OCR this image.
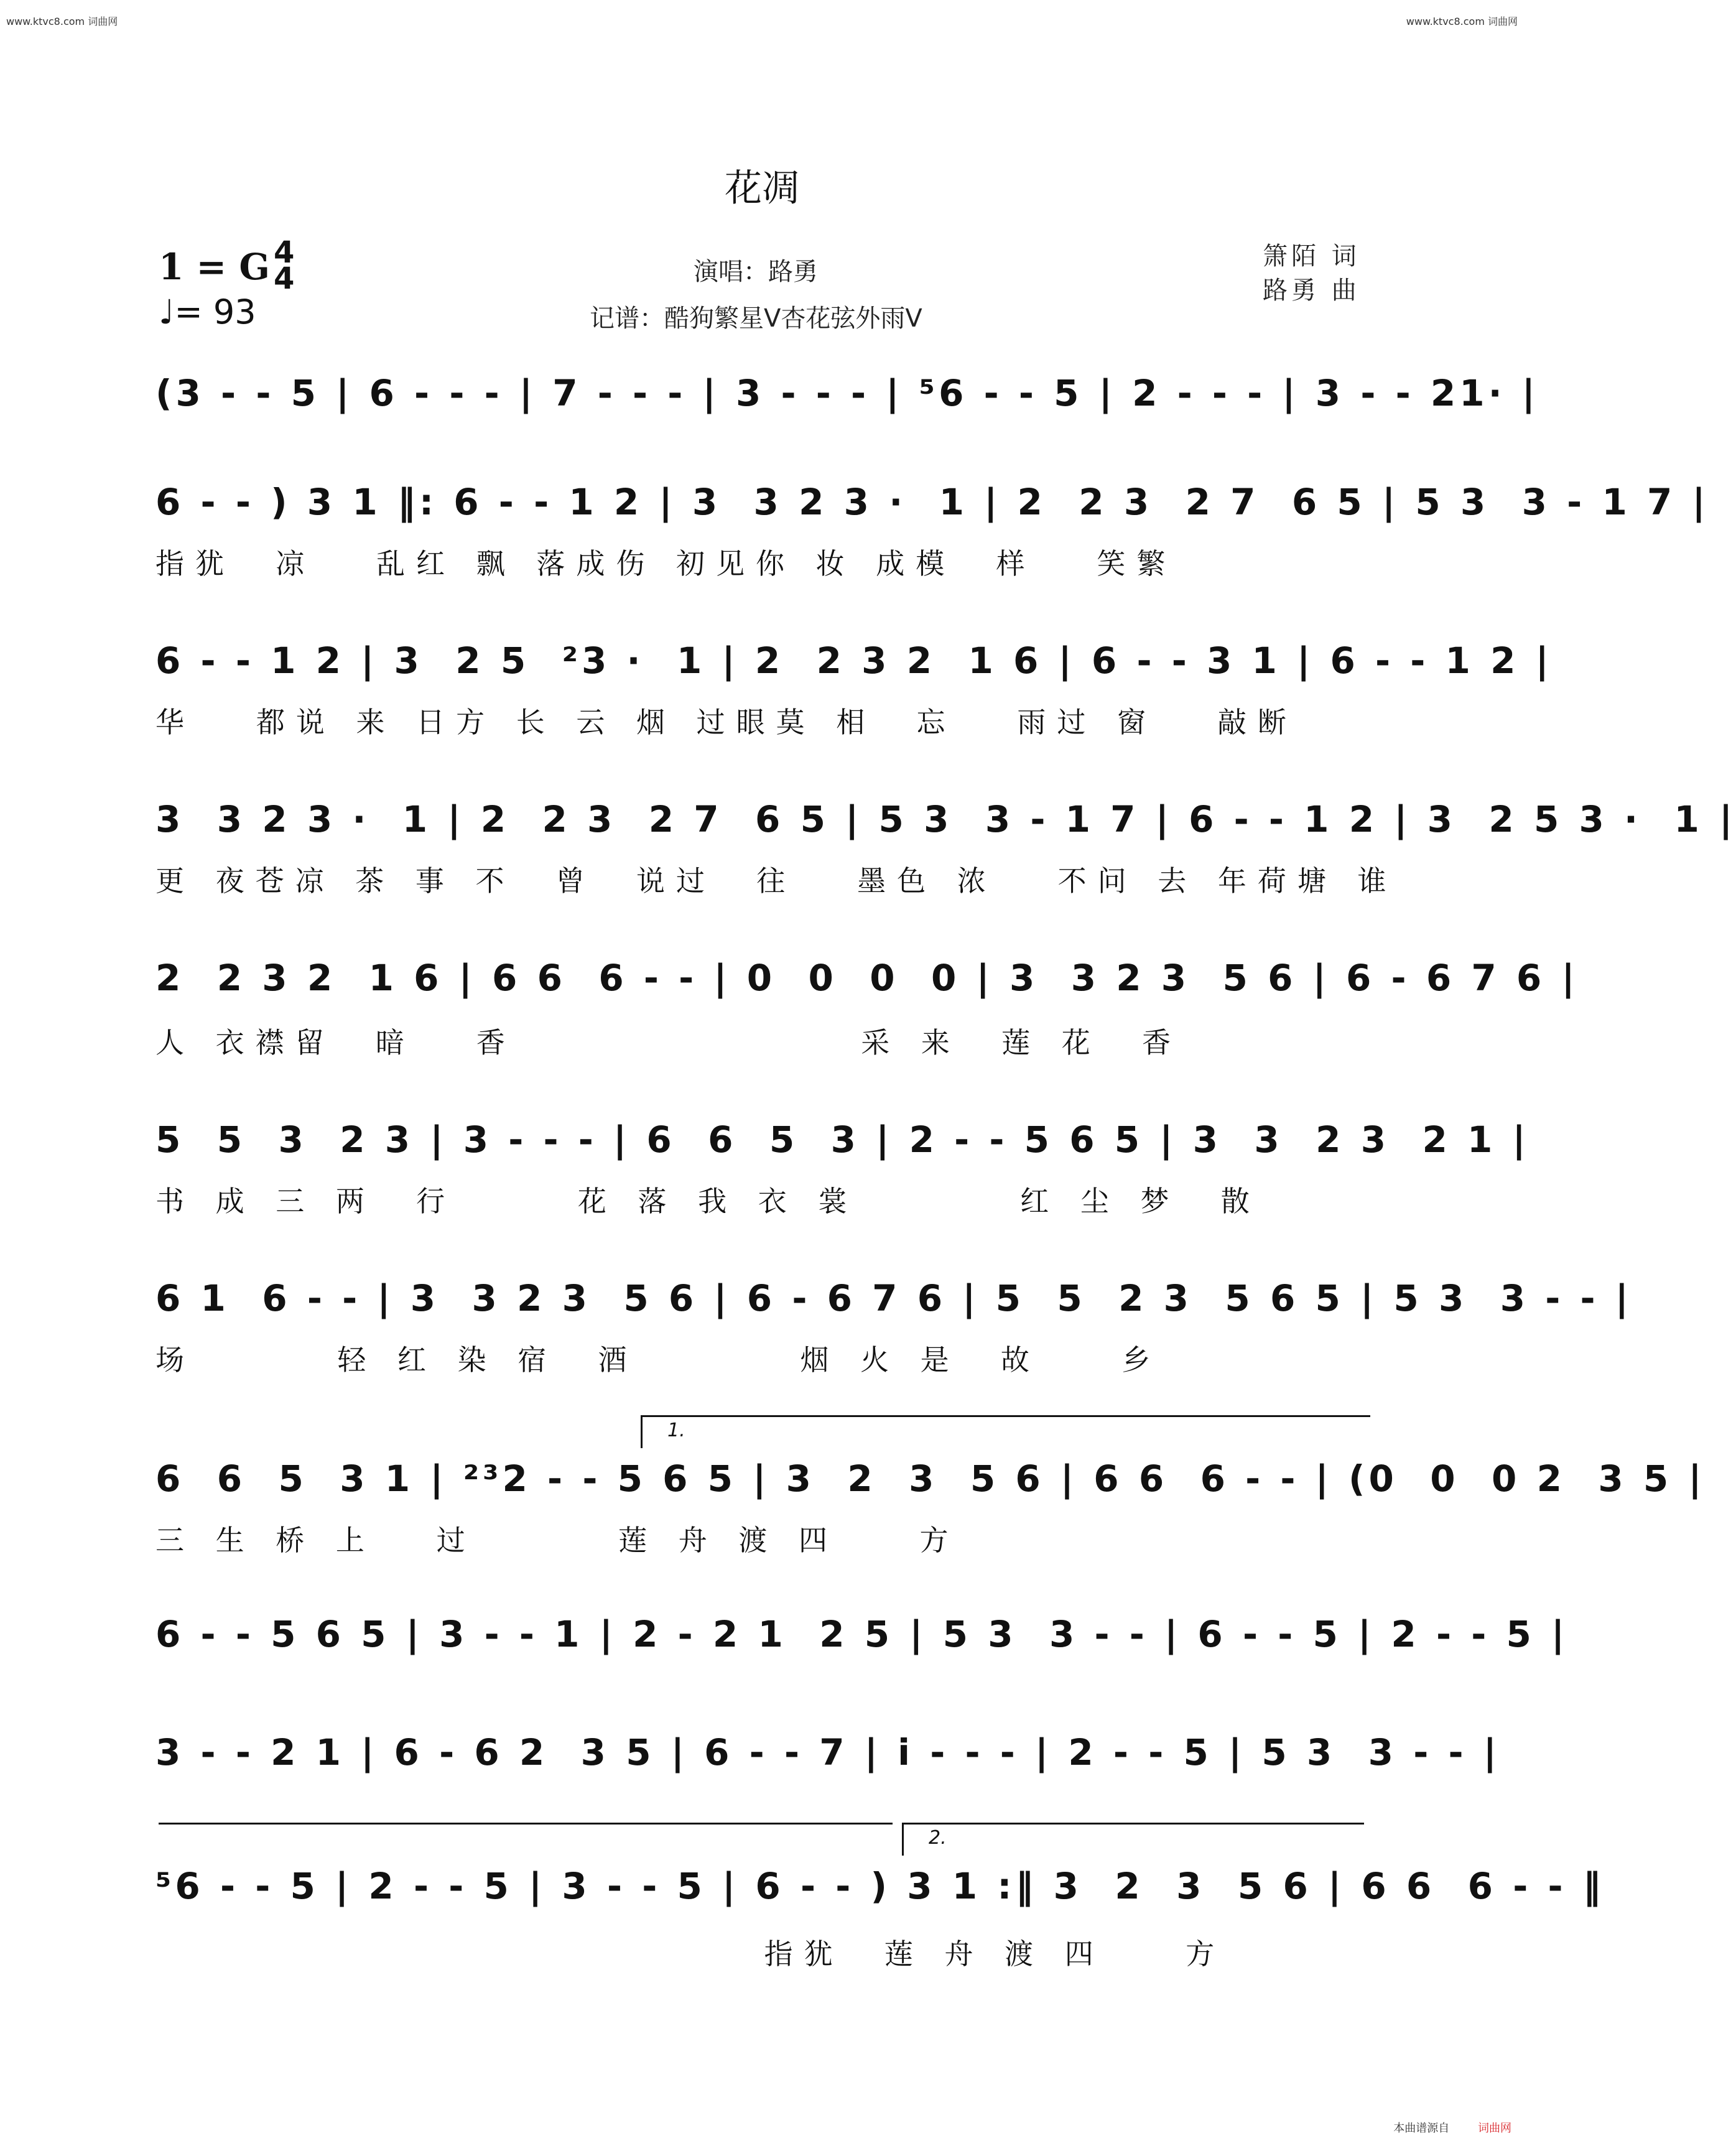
www.ktvc8.com 词曲网	www.ktvc8.com 词曲网
花凋
1 = G 4
4
♩= 93
演唱：路勇
记谱：酷狗繁星V杏花弦外雨V
箫陌 词
路勇 曲
(3 - - 5 | 6 - - - | 7 - - - | 3 - - - | ⁵6 - - 5 | 2 - - - | 3 - - 21· |
6 - - ) 3 1 ‖: 6 - - 1 2 | 3  3 2 3 ·  1 | 2  2 3  2 7  6 5 | 5 3  3 - 1 7 |
指犹  凉   乱红 飘 落成伤 初见你 妆 成模  样   笑繁
6 - - 1 2 | 3  2 5  ²3 ·  1 | 2  2 3 2  1 6 | 6 - - 3 1 | 6 - - 1 2 |
华   都说 来 日方 长 云 烟 过眼莫 相  忘   雨过 窗   敲断
3  3 2 3 ·  1 | 2  2 3  2 7  6 5 | 5 3  3 - 1 7 | 6 - - 1 2 | 3  2 5 3 ·  1 |
更 夜苍凉 茶 事 不  曾  说过  往   墨色 浓   不问 去 年荷塘 谁
2  2 3 2  1 6 | 6 6  6 - - | 0  0  0  0 | 3  3 2 3  5 6 | 6 - 6 7 6 |
人 衣襟留  暗   香                 采 来  莲 花  香
5  5  3  2 3 | 3 - - - | 6  6  5  3 | 2 - - 5 6 5 | 3  3  2 3  2 1 |
书 成 三 两  行      花 落 我 衣 裳        红 尘 梦  散
6 1  6 - - | 3  3 2 3  5 6 | 6 - 6 7 6 | 5  5  2 3  5 6 5 | 5 3  3 - - |
场       轻 红 染 宿  酒        烟 火 是  故    乡
1.
6  6  5  3 1 | ²³2 - - 5 6 5 | 3  2  3  5 6 | 6 6  6 - - | (0  0  0 2  3 5 |
三 生 桥 上   过       莲 舟 渡 四    方
6 - - 5 6 5 | 3 - - 1 | 2 - 2 1  2 5 | 5 3  3 - - | 6 - - 5 | 2 - - 5 |
3 - - 2 1 | 6 - 6 2  3 5 | 6 - - 7 | i - - - | 2 - - 5 | 5 3  3 - - |
2.
⁵6 - - 5 | 2 - - 5 | 3 - - 5 | 6 - - ) 3 1 :‖ 3  2  3  5 6 | 6 6  6 - - ‖
指犹  莲 舟 渡 四    方
本曲谱源自	词曲网
